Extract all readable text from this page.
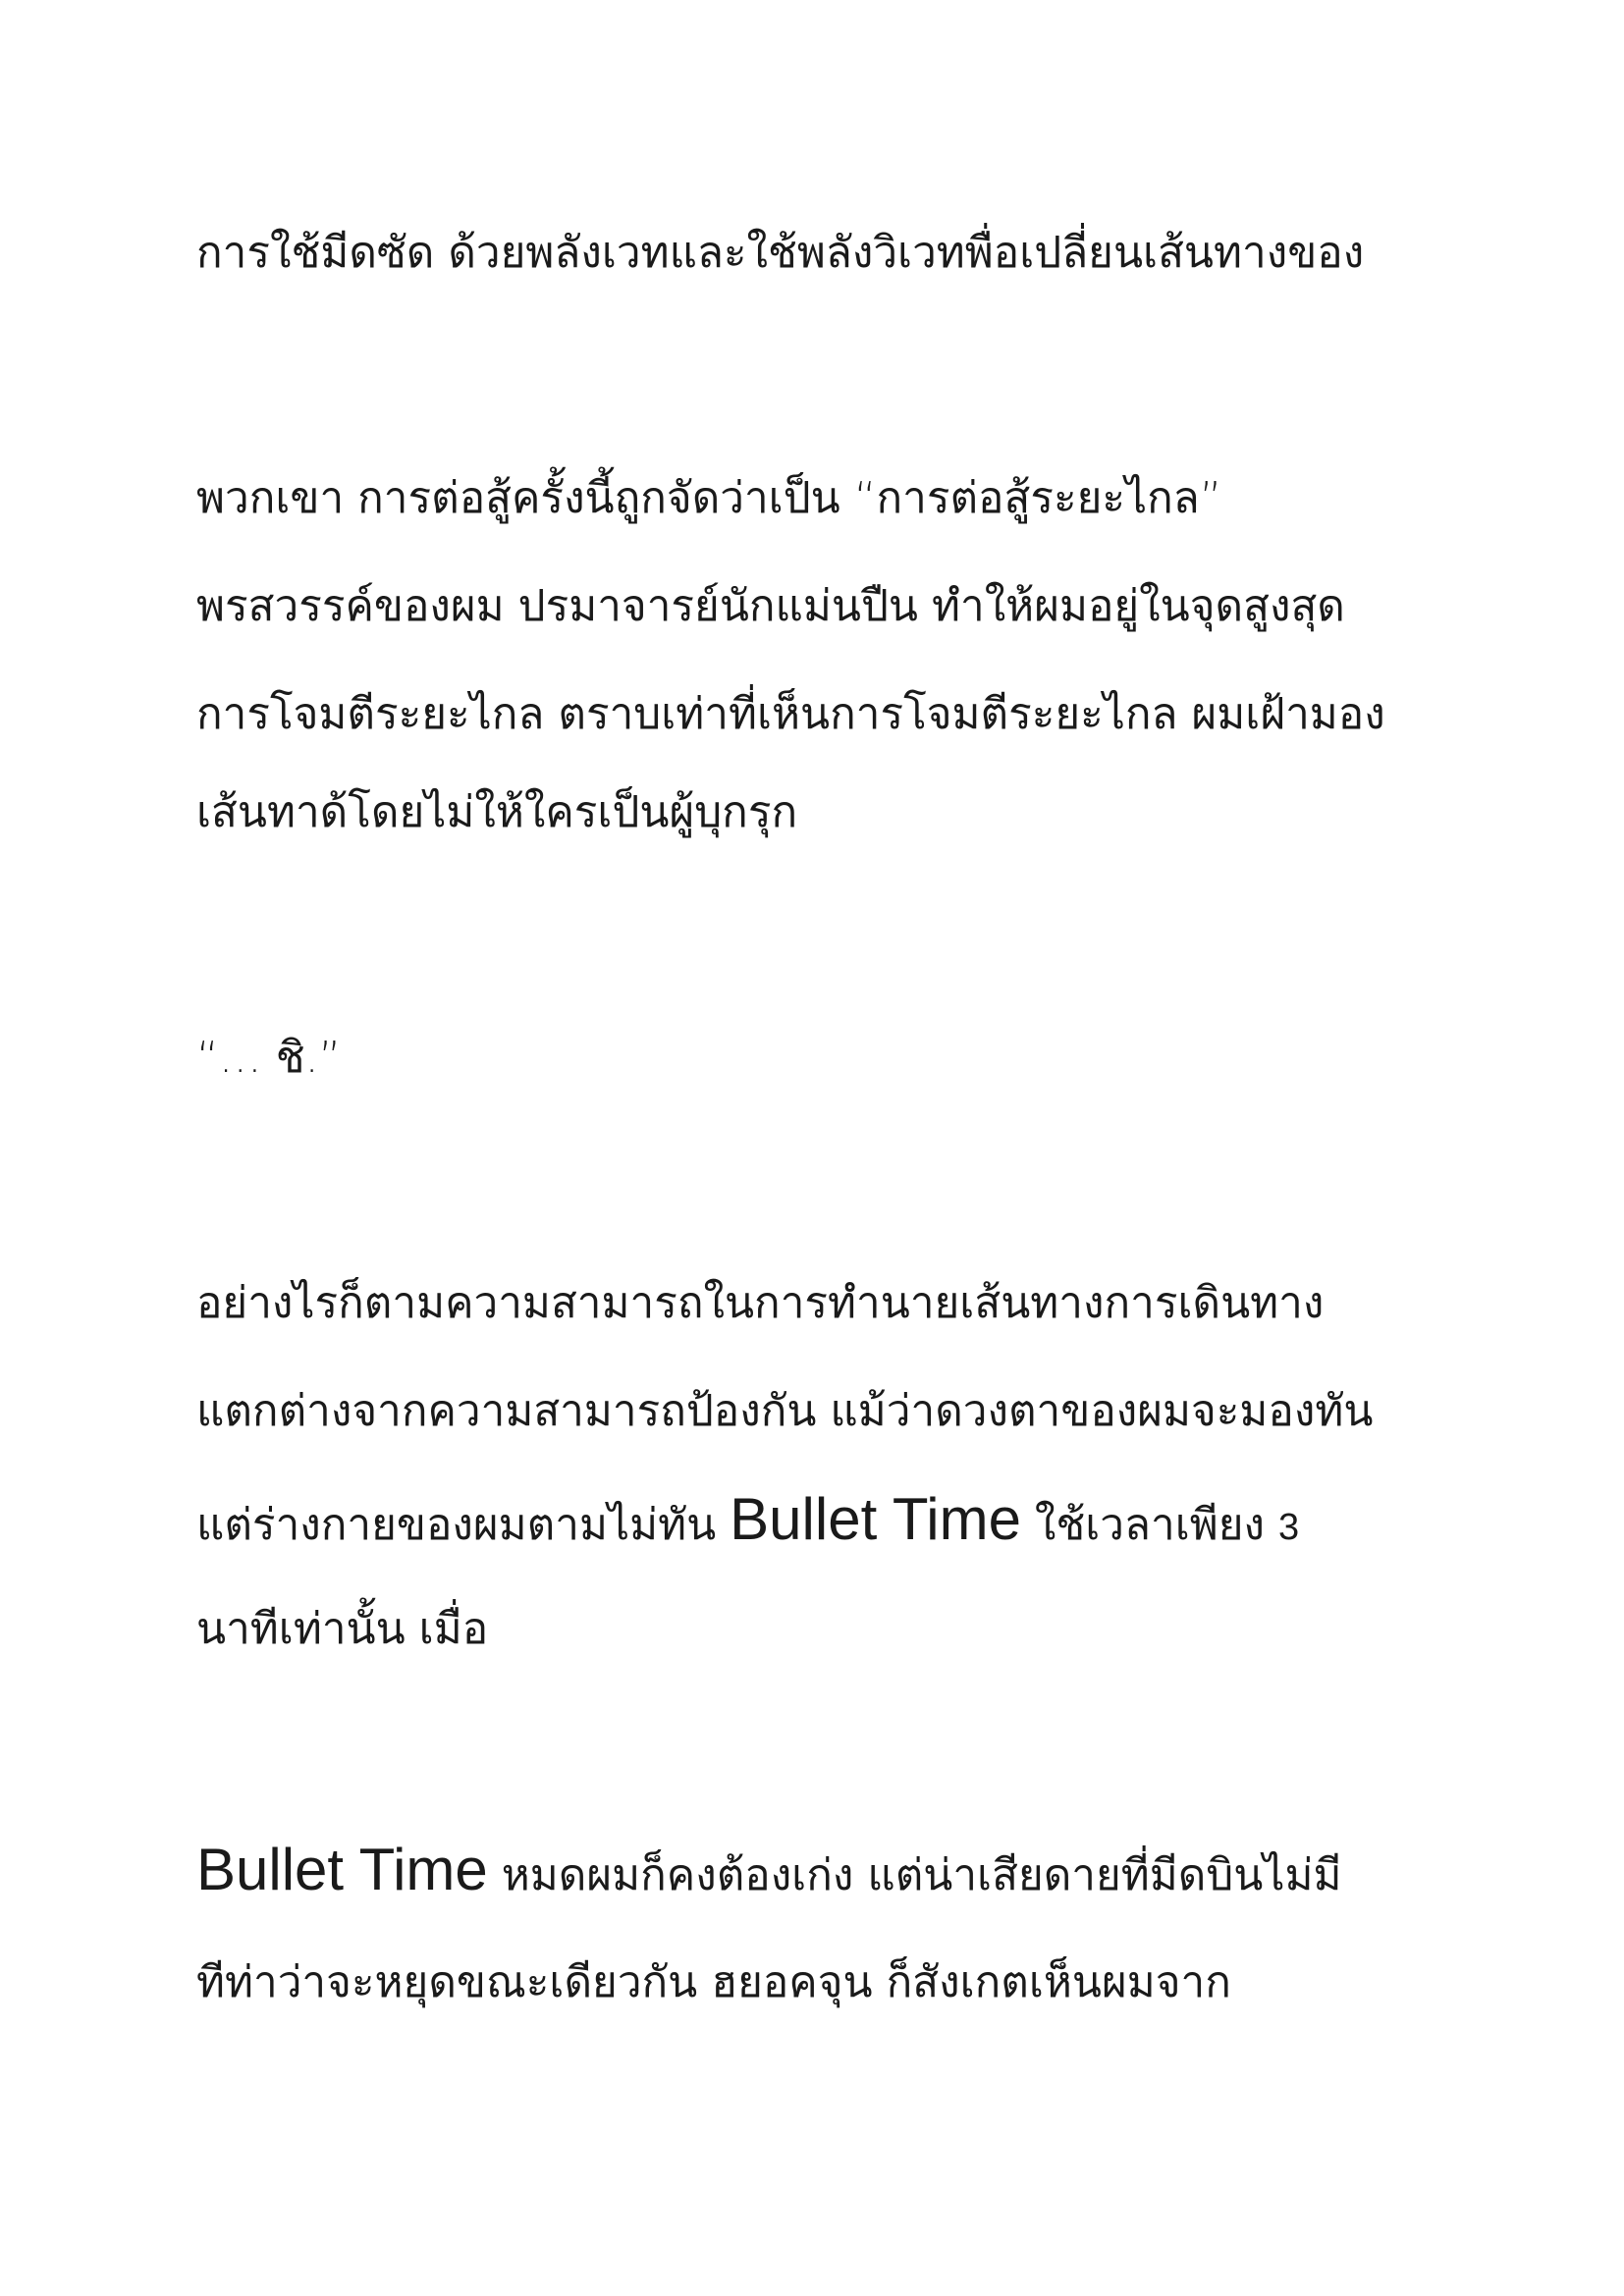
การใช้มีดซัด ด้วยพลังเวทและใช้พลังวิเวทพื่อเปลี่ยนเส้นทางของ
พวกเขา การต่อสู้ครั้งนี้ถูกจัดว่าเป็น “การต่อสู้ระยะไกล”
พรสวรรค์ของผม ปรมาจารย์นักแม่นปืน ทำให้ผมอยู่ในจุดสูงสุด
การโจมตีระยะไกล ตราบเท่าที่เห็นการโจมตีระยะไกล ผมเฝ้ามอง
เส้นทาด้โดยไม่ให้ใครเป็นผู้บุกรุก
“… ชิ.”
อย่างไรก็ตามความสามารถในการทำนายเส้นทางการเดินทาง
แตกต่างจากความสามารถป้องกัน แม้ว่าดวงตาของผมจะมองทัน
แต่ร่างกายของผมตามไม่ทัน Bullet Time ใช้เวลาเพียง 3
นาทีเท่านั้น เมื่อ
Bullet Time หมดผมก็คงต้องเก่ง แต่น่าเสียดายที่มีดบินไม่มี
ทีท่าว่าจะหยุดขณะเดียวกัน ฮยอคจุน ก็สังเกตเห็นผมจาก
